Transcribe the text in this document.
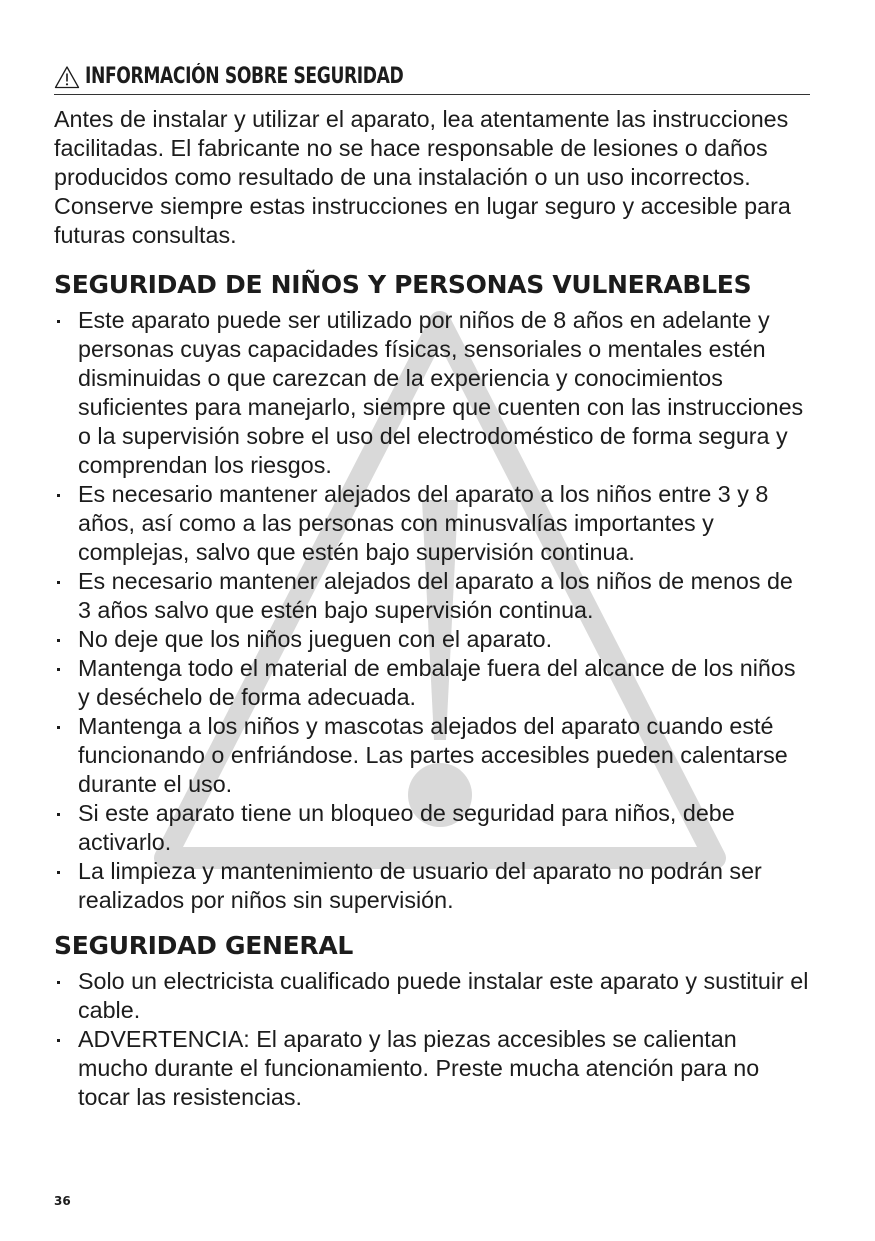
INFORMACIÓN SOBRE SEGURIDAD

Antes de instalar y utilizar el aparato, lea atentamente las instrucciones facilitadas. El fabricante no se hace responsable de lesiones o daños producidos como resultado de una instalación o un uso incorrectos. Conserve siempre estas instrucciones en lugar seguro y accesible para futuras consultas.

SEGURIDAD DE NIÑOS Y PERSONAS VULNERABLES
Este aparato puede ser utilizado por niños de 8 años en adelante y personas cuyas capacidades físicas, sensoriales o mentales estén disminuidas o que carezcan de la experiencia y conocimientos suficientes para manejarlo, siempre que cuenten con las instrucciones o la supervisión sobre el uso del electrodoméstico de forma segura y comprendan los riesgos.
Es necesario mantener alejados del aparato a los niños entre 3 y 8 años, así como a las personas con minusvalías importantes y complejas, salvo que estén bajo supervisión continua.
Es necesario mantener alejados del aparato a los niños de menos de 3 años salvo que estén bajo supervisión continua.
No deje que los niños jueguen con el aparato.
Mantenga todo el material de embalaje fuera del alcance de los niños y deséchelo de forma adecuada.
Mantenga a los niños y mascotas alejados del aparato cuando esté funcionando o enfriándose. Las partes accesibles pueden calentarse durante el uso.
Si este aparato tiene un bloqueo de seguridad para niños, debe activarlo.
La limpieza y mantenimiento de usuario del aparato no podrán ser realizados por niños sin supervisión.
SEGURIDAD GENERAL
Solo un electricista cualificado puede instalar este aparato y sustituir el cable.
ADVERTENCIA: El aparato y las piezas accesibles se calientan mucho durante el funcionamiento. Preste mucha atención para no tocar las resistencias.
36
